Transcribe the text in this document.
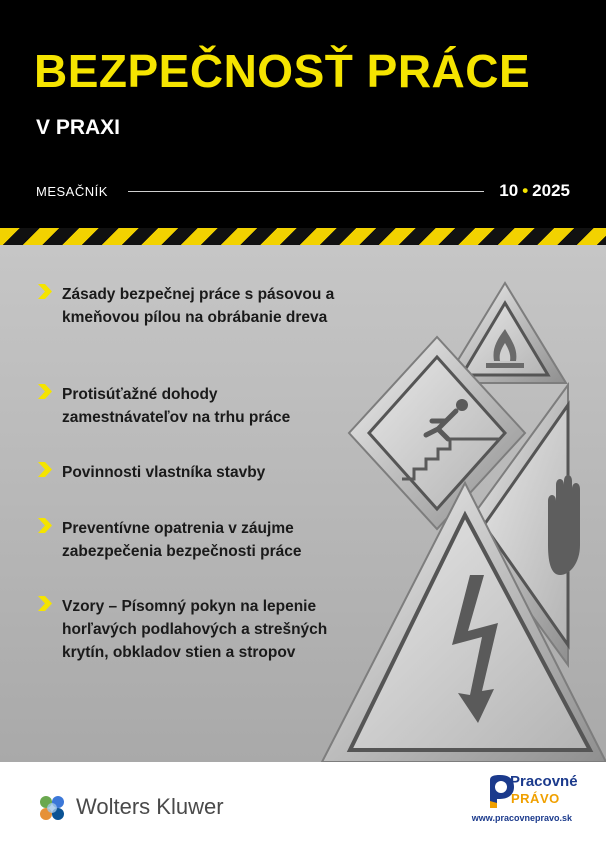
BEZPEČNOSŤ PRÁCE
V PRAXI
MESAČNÍK	10 • 2025
Zásady bezpečnej práce s pásovou a kmeňovou pílou na obrábanie dreva
Protisúťažné dohody zamestnávateľov na trhu práce
Povinnosti vlastníka stavby
Preventívne opatrenia v záujme zabezpečenia bezpečnosti práce
Vzory – Písomný pokyn na lepenie horľavých podlahových a strešných krytín, obkladov stien a stropov
Wolters Kluwer
Pracovné
PRÁVO
www.pracovnepravo.sk
